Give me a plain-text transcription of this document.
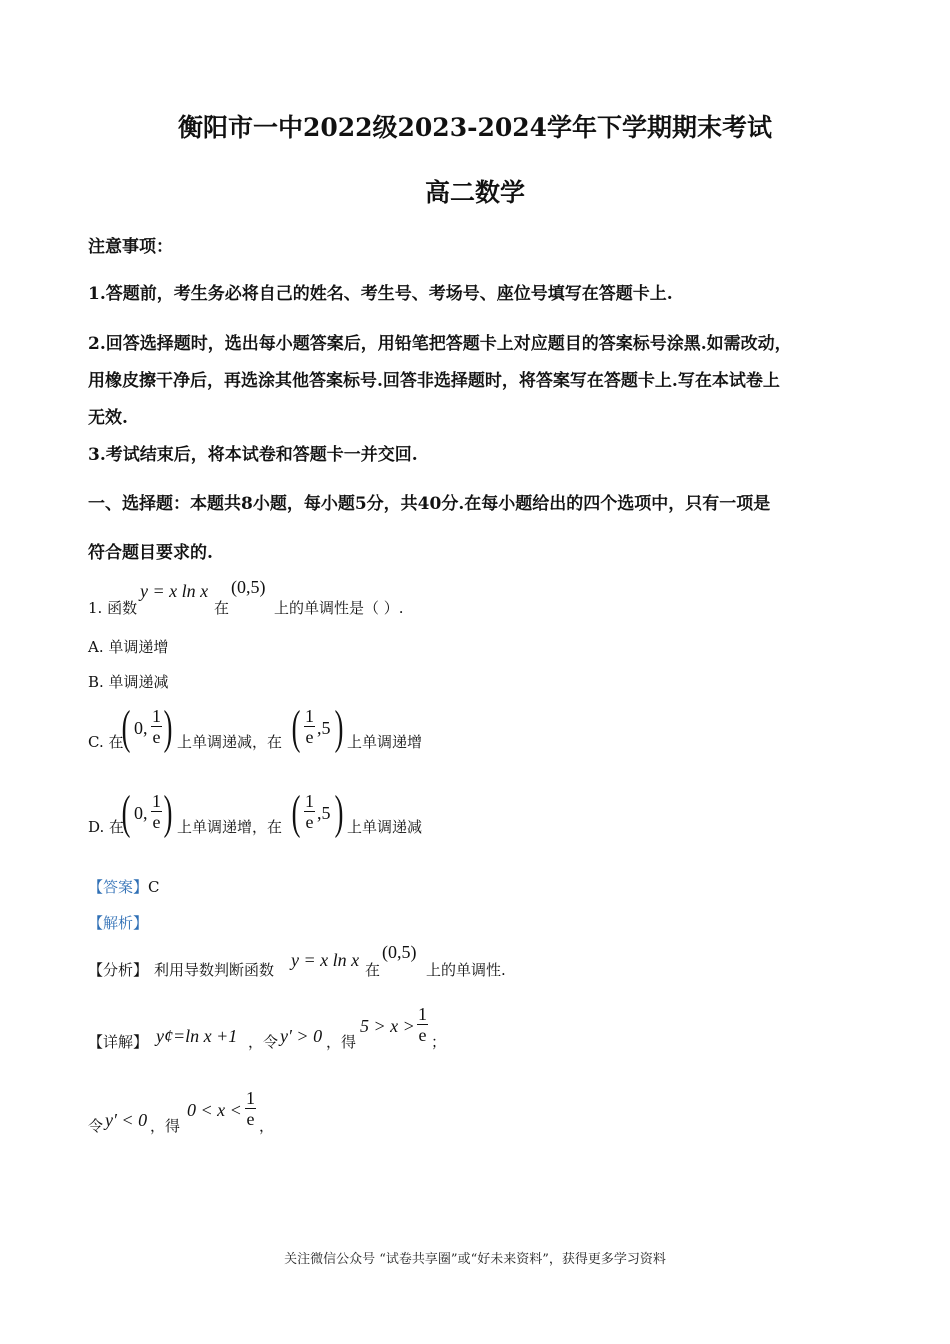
衡阳市一中2022级2023-2024学年下学期期末考试
高二数学
注意事项：
1.答题前，考生务必将自己的姓名、考生号、考场号、座位号填写在答题卡上.
2.回答选择题时，选出每小题答案后，用铅笔把答题卡上对应题目的答案标号涂黑.如需改动，
用橡皮擦干净后，再选涂其他答案标号.回答非选择题时，将答案写在答题卡上.写在本试卷上
无效.
3.考试结束后，将本试卷和答题卡一并交回.
一、选择题：本题共8小题，每小题5分，共40分.在每小题给出的四个选项中，只有一项是
符合题目要求的.
1. 函数
y = x ln x
在
(0,5)
上的单调性是（ ）.
A. 单调递增
B. 单调递减
C. 在
( 0, $\frac{1}{e}$ ) 上单调递减，在 ( $\frac{1}{e} ,5$ ) 上单调递增
D. 在
( 0, $\frac{1}{e}$ ) 上单调递增，在 ( $\frac{1}{e} ,5$ ) 上单调递减
【答案】C
【解析】
【分析】 利用导数判断函数 y = x ln x 在
(0,5)
上的单调性.
【详解】 y¢=ln x +1 ，令 y′ > 0 ，得
$5 > x > \frac{1}{e}$ ；
令 y′ < 0 ，得
$0 < x < \frac{1}{e}$ ，
关注微信公众号 “试卷共享圈”或“好未来资料”，获得更多学习资料
